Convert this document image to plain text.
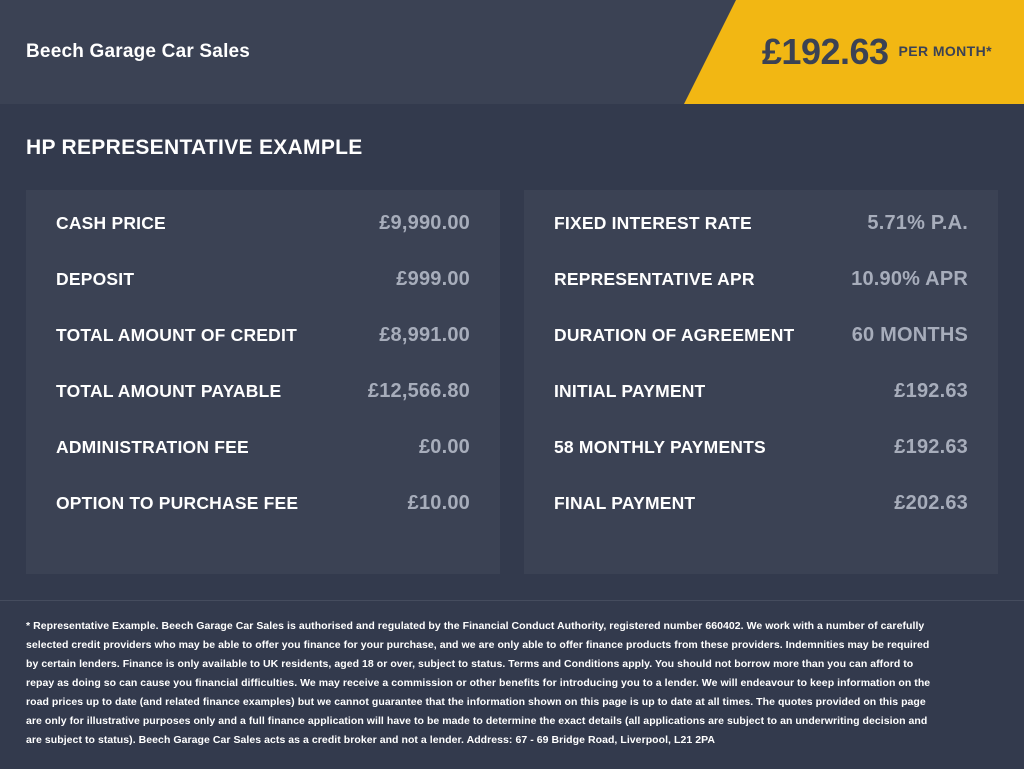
Beech Garage Car Sales	£192.63 PER MONTH*
HP REPRESENTATIVE EXAMPLE
CASH PRICE	£9,990.00
DEPOSIT	£999.00
TOTAL AMOUNT OF CREDIT	£8,991.00
TOTAL AMOUNT PAYABLE	£12,566.80
ADMINISTRATION FEE	£0.00
OPTION TO PURCHASE FEE	£10.00
FIXED INTEREST RATE	5.71% P.A.
REPRESENTATIVE APR	10.90% APR
DURATION OF AGREEMENT	60 MONTHS
INITIAL PAYMENT	£192.63
58 MONTHLY PAYMENTS	£192.63
FINAL PAYMENT	£202.63
* Representative Example. Beech Garage Car Sales is authorised and regulated by the Financial Conduct Authority, registered number 660402. We work with a number of carefully selected credit providers who may be able to offer you finance for your purchase, and we are only able to offer finance products from these providers. Indemnities may be required by certain lenders. Finance is only available to UK residents, aged 18 or over, subject to status. Terms and Conditions apply. You should not borrow more than you can afford to repay as doing so can cause you financial difficulties. We may receive a commission or other benefits for introducing you to a lender. We will endeavour to keep information on the road prices up to date (and related finance examples) but we cannot guarantee that the information shown on this page is up to date at all times. The quotes provided on this page are only for illustrative purposes only and a full finance application will have to be made to determine the exact details (all applications are subject to an underwriting decision and are subject to status). Beech Garage Car Sales acts as a credit broker and not a lender. Address: 67 - 69 Bridge Road, Liverpool, L21 2PA
